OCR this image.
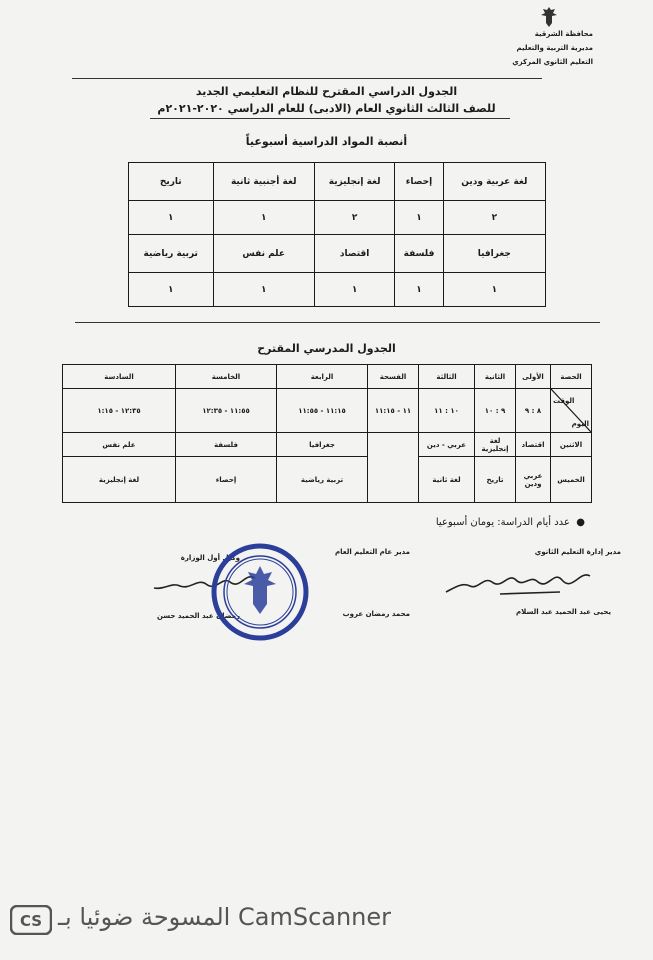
محافظة الشرقية
مديرية التربية والتعليم
التعليم الثانوي المركزي
الجدول الدراسي المقترح للنظام التعليمي الجديد
للصف الثالث الثانوي العام (الادبى) للعام الدراسي ٢٠٢٠-٢٠٢١م
أنصبة المواد الدراسية أسبوعياً
لغة عربية ودين	إحصاء	لغة إنجليزية	لغة أجنبية ثانية	تاريخ
٢	١	٢	١	١
جغرافيا	فلسفة	اقتصاد	علم نفس	تربية رياضية
١	١	١	١	١
الجدول المدرسي المقترح
الحصة	الأولى	الثانية	الثالثة	الفسحة	الرابعة	الخامسة	السادسة

الوقت
اليوم	٨ : ٩	٩ : ١٠	١٠ : ١١	١١ - ١١:١٥	١١:١٥ - ١١:٥٥	١١:٥٥ - ١٢:٣٥	١٢:٣٥ - ١:١٥
الاثنين	اقتصاد	لغة إنجليزية	عربي - دين		جغرافيا	فلسفة	علم نفس
الخميس	عربي ودين	تاريخ	لغة ثانية		تربية رياضية	إحصاء	لغة إنجليزية
●  عدد أيام الدراسة: يومان أسبوعيا
مدير إدارة التعليم الثانوي
يحيى عبد الحميد عبد السلام
مدير عام التعليم العام
محمد رمضان عروب
وكيل أول الوزارة
رمضان عبد الحميد حسن
CS المسوحة ضوئيا بـ CamScanner
